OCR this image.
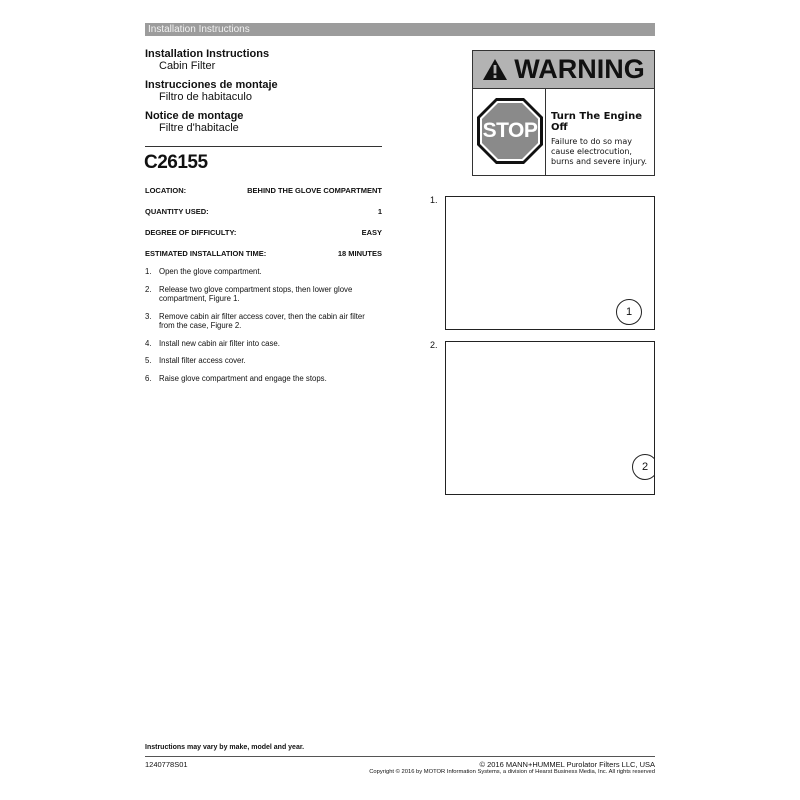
Installation Instructions
Installation Instructions
Cabin Filter
Instrucciones de montaje
Filtro de habitaculo
Notice de montage
Filtre d'habitacle
C26155
LOCATION:	BEHIND THE GLOVE COMPARTMENT
QUANTITY USED:	1
DEGREE OF DIFFICULTY:	EASY
ESTIMATED INSTALLATION TIME:	18 MINUTES
1. Open the glove compartment.
2. Release two glove compartment stops, then lower glove compartment, Figure 1.
3. Remove cabin air filter access cover, then the cabin air filter from the case, Figure 2.
4. Install new cabin air filter into case.
5. Install filter access cover.
6. Raise glove compartment and engage the stops.
WARNING
STOP
Turn The Engine Off
Failure to do so may cause electrocution, burns and severe injury.
1.
1
2.
2
Instructions may vary by make, model and year.
1240778S01	© 2016 MANN+HUMMEL Purolator Filters LLC, USA
Copyright © 2016 by MOTOR Information Systems, a division of Hearst Business Media, Inc. All rights reserved
